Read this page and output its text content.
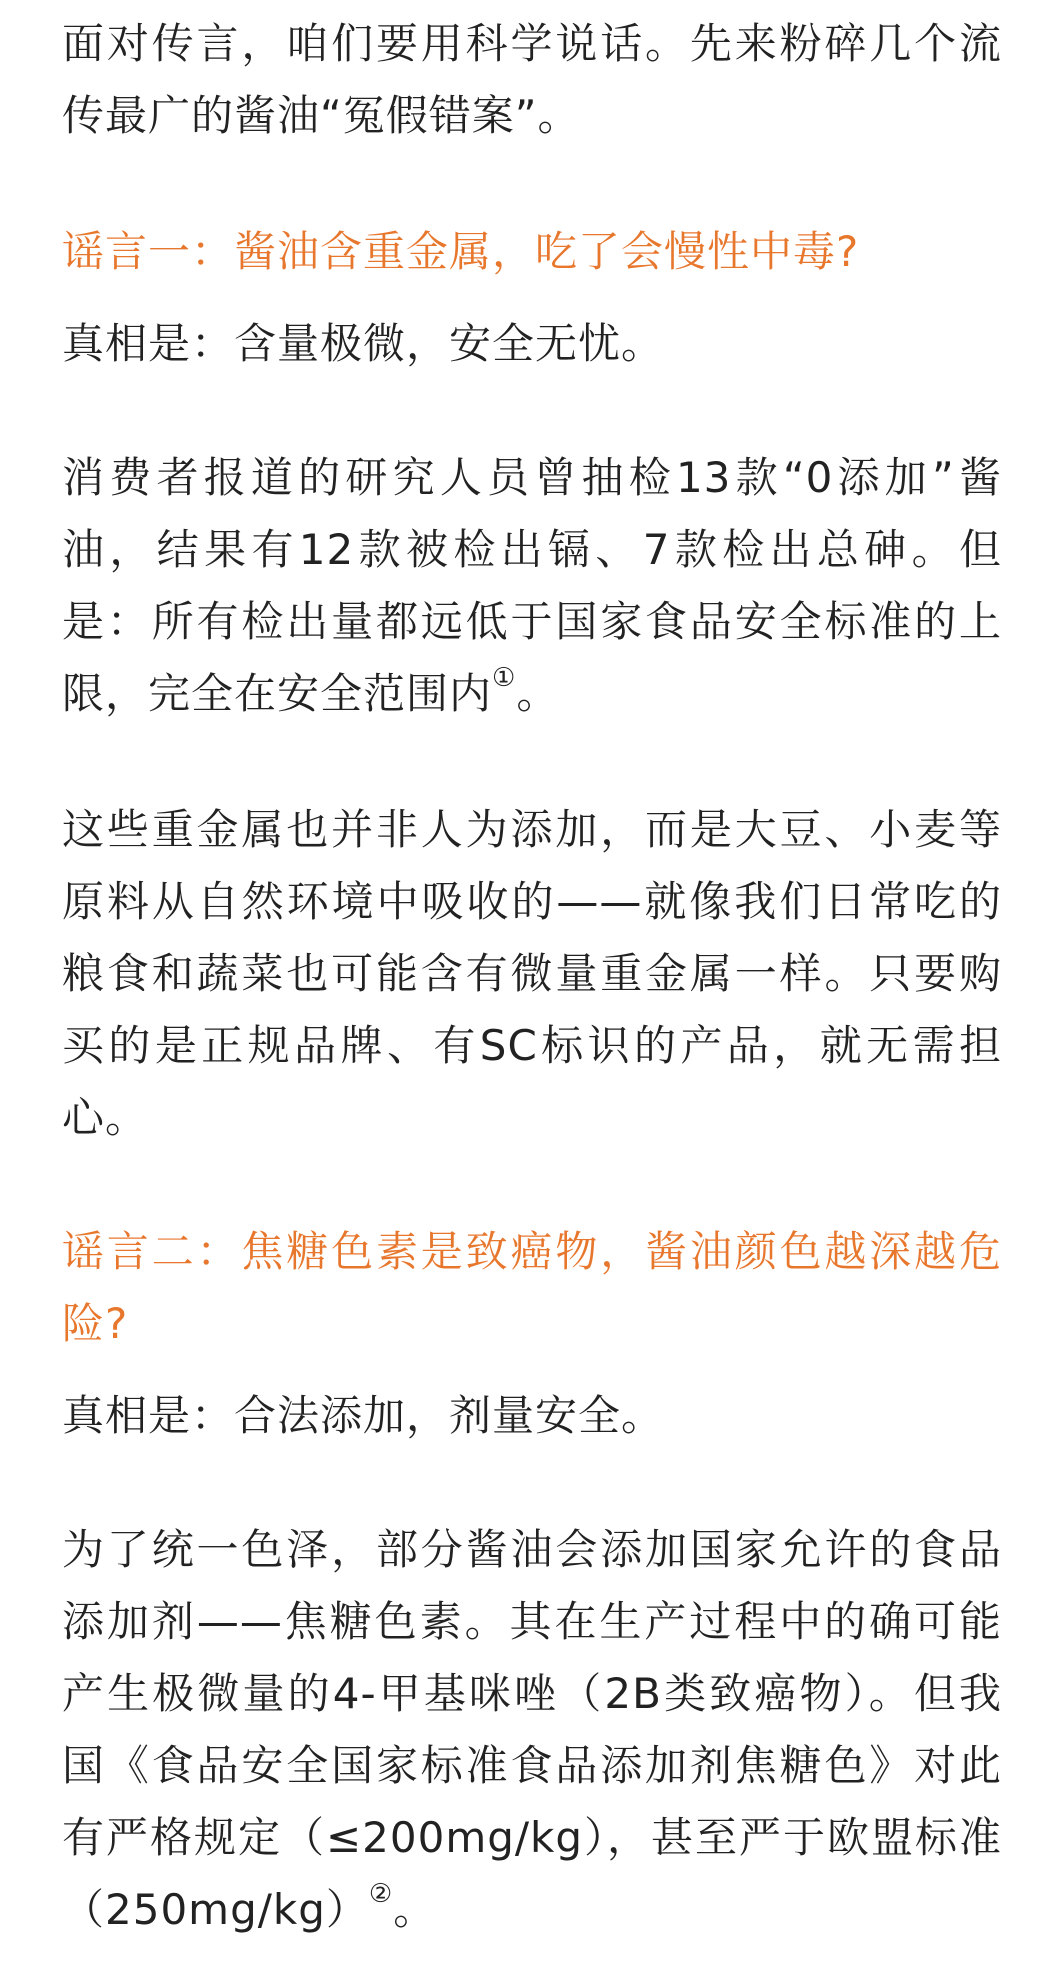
面对传言，咱们要用科学说话。先来粉碎几个流传最广的酱油“冤假错案”。

谣言一：酱油含重金属，吃了会慢性中毒?

真相是：含量极微，安全无忧。

消费者报道的研究人员曾抽检13款“0添加”酱油，结果有12款被检出镉、7款检出总砷。但是：所有检出量都远低于国家食品安全标准的上限，完全在安全范围内①。

这些重金属也并非人为添加，而是大豆、小麦等原料从自然环境中吸收的——就像我们日常吃的粮食和蔬菜也可能含有微量重金属一样。只要购买的是正规品牌、有SC标识的产品，就无需担心。

谣言二：焦糖色素是致癌物，酱油颜色越深越危险?

真相是：合法添加，剂量安全。

为了统一色泽，部分酱油会添加国家允许的食品添加剂——焦糖色素。其在生产过程中的确可能产生极微量的4-甲基咪唑（2B类致癌物）。但我国《食品安全国家标准食品添加剂焦糖色》对此有严格规定（≤200mg/kg），甚至严于欧盟标准（250mg/kg）②。
